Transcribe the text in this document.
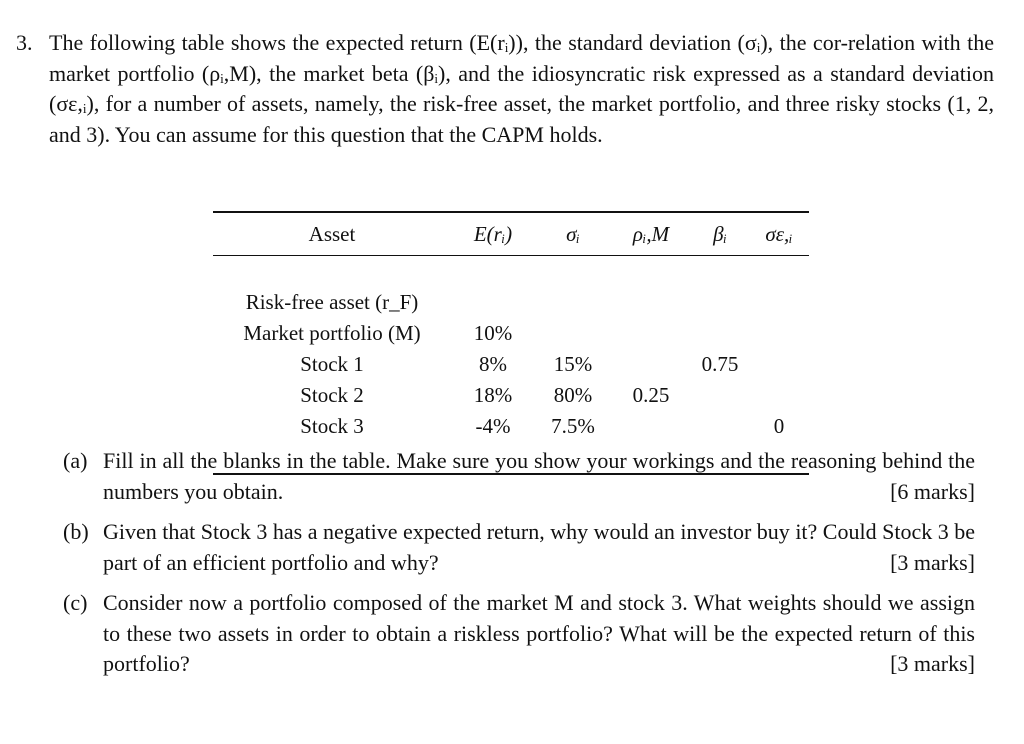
3. The following table shows the expected return (E(rᵢ)), the standard deviation (σᵢ), the cor-relation with the market portfolio (ρᵢ,M), the market beta (βᵢ), and the idiosyncratic risk expressed as a standard deviation (σε,ᵢ), for a number of assets, namely, the risk-free asset, the market portfolio, and three risky stocks (1, 2, and 3). You can assume for this question that the CAPM holds.
Asset	E(rᵢ)	σᵢ	ρᵢ,M	βᵢ	σε,ᵢ

Risk-free asset (r_F)					
Market portfolio (M)	10%				
Stock 1	8%	15%		0.75	
Stock 2	18%	80%	0.25		
Stock 3	-4%	7.5%			0

(a) Fill in all the blanks in the table. Make sure you show your workings and the reasoning behind the numbers you obtain.	[6 marks]
(b) Given that Stock 3 has a negative expected return, why would an investor buy it? Could Stock 3 be part of an efficient portfolio and why?	[3 marks]
(c) Consider now a portfolio composed of the market M and stock 3. What weights should we assign to these two assets in order to obtain a riskless portfolio? What will be the expected return of this portfolio?	[3 marks]
